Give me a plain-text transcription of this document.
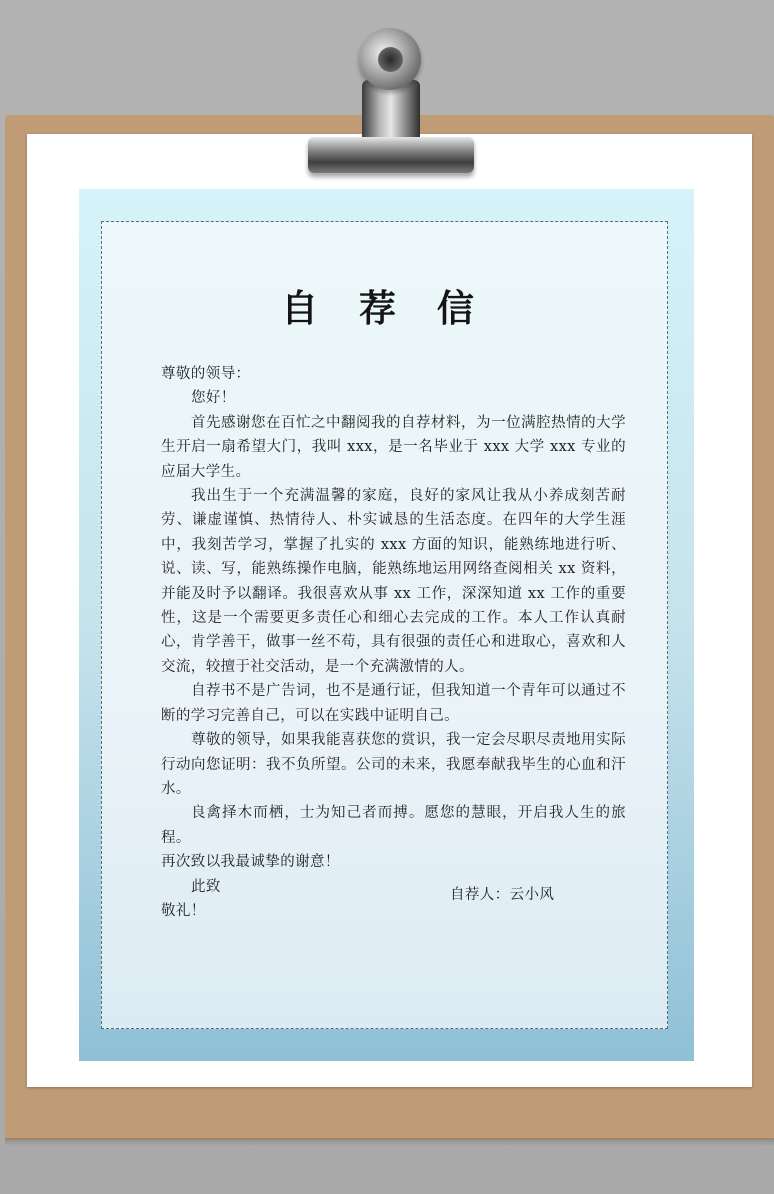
自 荐 信

尊敬的领导：

您好！

首先感谢您在百忙之中翻阅我的自荐材料，为一位满腔热情的大学生开启一扇希望大门，我叫 xxx，是一名毕业于 xxx 大学 xxx 专业的应届大学生。

我出生于一个充满温馨的家庭，良好的家风让我从小养成刻苦耐劳、谦虚谨慎、热情待人、朴实诚恳的生活态度。在四年的大学生涯中，我刻苦学习，掌握了扎实的 xxx 方面的知识，能熟练地进行听、说、读、写，能熟练操作电脑，能熟练地运用网络查阅相关 xx 资料，并能及时予以翻译。我很喜欢从事 xx 工作，深深知道 xx 工作的重要性，这是一个需要更多责任心和细心去完成的工作。本人工作认真耐心，肯学善干，做事一丝不苟，具有很强的责任心和进取心，喜欢和人交流，较擅于社交活动，是一个充满激情的人。

自荐书不是广告词，也不是通行证，但我知道一个青年可以通过不断的学习完善自己，可以在实践中证明自己。

尊敬的领导，如果我能喜获您的赏识，我一定会尽职尽责地用实际行动向您证明：我不负所望。公司的未来，我愿奉献我毕生的心血和汗水。

良禽择木而栖，士为知己者而搏。愿您的慧眼，开启我人生的旅程。

再次致以我最诚挚的谢意！

此致

敬礼！

自荐人：云小风
